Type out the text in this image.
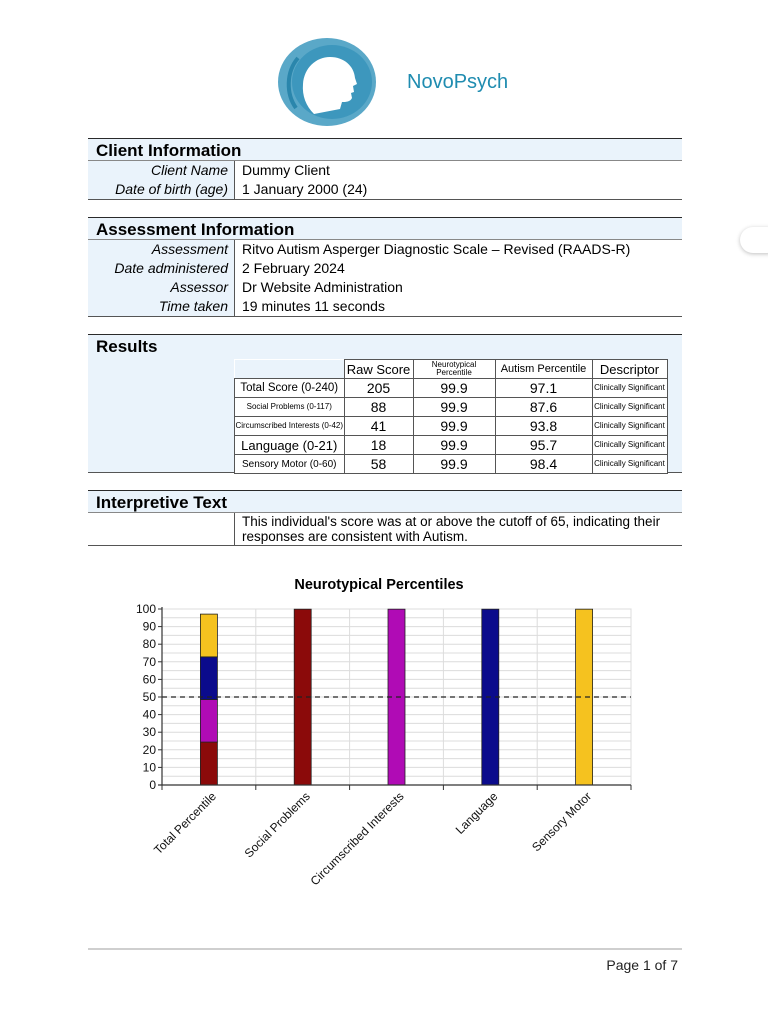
NovoPsych
Client Information
Client Name	Dummy Client
Date of birth (age)	1 January 2000 (24)
Assessment Information
Assessment	Ritvo Autism Asperger Diagnostic Scale – Revised (RAADS-R)
Date administered	2 February 2024
Assessor	Dr Website Administration
Time taken	19 minutes 11 seconds
Results
	Raw Score	Neurotypical Percentile	Autism Percentile	Descriptor
Total Score (0-240)	205	99.9	97.1	Clinically Significant
Social Problems (0-117)	88	99.9	87.6	Clinically Significant
Circumscribed Interests (0-42)	41	99.9	93.8	Clinically Significant
Language (0-21)	18	99.9	95.7	Clinically Significant
Sensory Motor (0-60)	58	99.9	98.4	Clinically Significant
Interpretive Text
This individual's score was at or above the cutoff of 65, indicating their responses are consistent with Autism.
Neurotypical Percentiles
0
10
20
30
40
50
60
70
80
90
100
Total Percentile Social Problems
Circumscribed Interests	Language Sensory Motor
Page 1 of 7
